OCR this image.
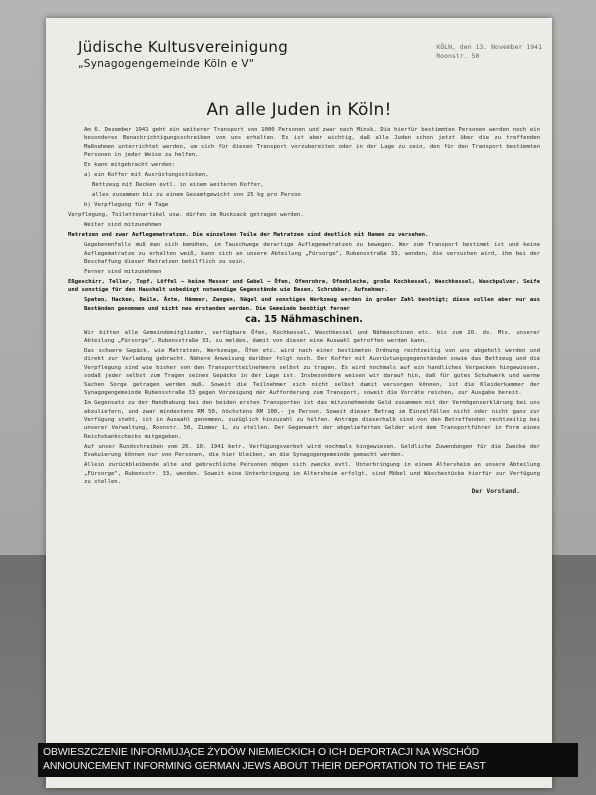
Jüdische Kultusvereinigung
„Synagogengemeinde Köln e V"
KÖLN, den 13. November 1941
Roonstr. 50
An alle Juden in Köln!

Am 6. Dezember 1941 geht ein weiterer Transport von 1000 Personen und zwar nach Minsk. Die hierfür bestimmten Personen werden noch ein besonderes Benachrichtigungsschreiben von uns erhalten. Es ist aber wichtig, daß alle Juden schon jetzt über die zu treffenden Maßnahmen unterrichtet werden, um sich für diesen Transport vorzubereiten oder in der Lage zu sein, den für den Transport bestimmten Personen in jeder Weise zu helfen.

Es kann mitgebracht werden:

a) ein Koffer mit Ausrüstungsstücken,

Bettzeug mit Decken evtl. in einem weiteren Koffer,

alles zusammen bis zu einem Gesamtgewicht von 25 kg pro Person

b) Verpflegung für 4 Tage

Verpflegung, Toilettenartikel usw. dürfen im Rucksack getragen werden.

Weiter sind mitzunehmen

Matratzen und zwar Auflegematratzen. Die einzelnen Teile der Matratzen sind deutlich mit Namen zu versehen.

Gegebenenfalls muß man sich bemühen, im Tauschwege derartige Auflegematratzen zu bewegen. Wer zum Transport bestimmt ist und keine Auflegematratze zu erhalten weiß, kann sich an unsere Abteilung „Fürsorge", Rubensstraße 33, wenden, die versuchen wird, ihm bei der Beschaffung dieser Matratzen behilflich zu sein.

Ferner sind mitzunehmen

Eßgeschirr, Teller, Topf, Löffel — keine Messer und Gabel — Öfen, Ofenrohre, Ofenbleche, große Kochkessel, Waschkessel, Waschpulver, Seife und sonstige für den Haushalt unbedingt notwendige Gegenstände wie Besen, Schrubber, Aufnehmer.

Spaten, Hacken, Beile, Äxte, Hämmer, Zangen, Nägel und sonstiges Werkzeug werden in großer Zahl benötigt; diese sollen aber nur aus Beständen genommen und nicht neu erstanden werden. Die Gemeinde benötigt ferner

ca. 15 Nähmaschinen.

Wir bitten alle Gemeindemitglieder, verfügbare Öfen, Kochkessel, Waschkessel und Nähmaschinen etc. bis zum 20. ds. Mts. unserer Abteilung „Fürsorge", Rubensstraße 33, zu melden, damit von dieser eine Auswahl getroffen werden kann.

Das schwere Gepäck, wie Matratzen, Werkzeuge, Öfen etc. wird nach einer bestimmten Ordnung rechtzeitig von uns abgeholt werden und direkt zur Verladung gebracht. Nähere Anweisung darüber folgt noch. Der Koffer mit Ausrüstungsgegenständen sowie das Bettzeug und die Verpflegung sind wie bisher von den Transportteilnehmern selbst zu tragen. Es wird nochmals auf ein handliches Verpacken hingewiesen, sodaß jeder selbst zum Tragen seines Gepäcks in der Lage ist. Insbesondere weisen wir darauf hin, daß für gutes Schuhwerk und warme Sachen Sorge getragen werden muß. Soweit die Teilnehmer sich nicht selbst damit versorgen können, ist die Kleiderkammer der Synagogengemeinde Rubensstraße 33 gegen Vorzeigung der Aufforderung zum Transport, soweit die Vorräte reichen, zur Ausgabe bereit.

Im Gegensatz zu der Handhabung bei den beiden ersten Transporten ist das mitzunehmende Geld zusammen mit der Vermögenserklärung bei uns abzuliefern, und zwar mindestens RM 50, höchstens RM 100,- je Person. Soweit dieser Betrag im Einzelfällen nicht oder nicht ganz zur Verfügung steht, ist in Auswahl genommen, zuzüglich hinzuzahl zu helfen. Anträge dieserhalb sind von den Betreffenden rechtzeitig bei unserer Verwaltung, Roonstr. 50, Zimmer 1, zu stellen. Der Gegenwert der abgelieferten Gelder wird dem Transportführer in Form eines Reichsbankschecks mitgegeben.

Auf unser Rundschreiben vom 26. 10. 1941 betr. Verfügungsverbot wird nochmals hingewiesen. Geldliche Zuwendungen für die Zwecke der Evakuierung können nur von Personen, die hier bleiben, an die Synagogengemeinde gemacht werden.

Allein zurückbleibende alte und gebrechliche Personen mögen sich zwecks evtl. Unterbringung in einem Altersheim an unsere Abteilung „Fürsorge", Rubensstr. 33, wenden. Soweit eine Unterbringung im Altersheim erfolgt, sind Möbel und Wäschestücke hierfür zur Verfügung zu stellen.

Der Vorstand.
OBWIESZCZENIE INFORMUJĄCE ŻYDÓW NIEMIECKICH O ICH DEPORTACJI NA WSCHÓD
ANNOUNCEMENT INFORMING GERMAN JEWS ABOUT THEIR DEPORTATION TO THE EAST
